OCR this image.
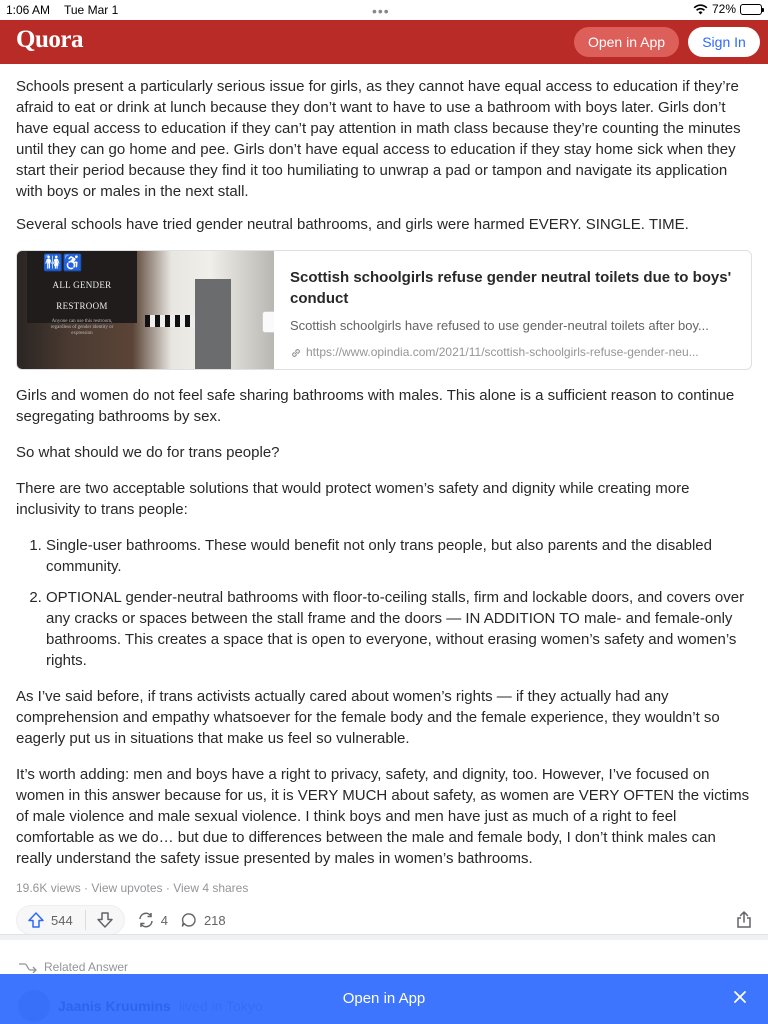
1:06 AM Tue Mar 1	•••	72%
Quora	Open in App	Sign In

Schools present a particularly serious issue for girls, as they cannot have equal access to education if they’re afraid to eat or drink at lunch because they don’t want to have to use a bathroom with boys later. Girls don’t have equal access to education if they can’t pay attention in math class because they’re counting the minutes until they can go home and pee. Girls don’t have equal access to education if they stay home sick when they start their period because they find it too humiliating to unwrap a pad or tampon and navigate its application with boys or males in the next stall.

Several schools have tried gender neutral bathrooms, and girls were harmed EVERY. SINGLE. TIME.

🚻♿
ALL GENDER RESTROOM
Anyone can use this restroom, regardless of gender identity or expression
Scottish schoolgirls refuse gender neutral toilets due to boys' conduct
Scottish schoolgirls have refused to use gender-neutral toilets after boy...
https://www.opindia.com/2021/11/scottish-schoolgirls-refuse-gender-neu...

Girls and women do not feel safe sharing bathrooms with males. This alone is a sufficient reason to continue segregating bathrooms by sex.

So what should we do for trans people?

There are two acceptable solutions that would protect women’s safety and dignity while creating more inclusivity to trans people:

1. Single-user bathrooms. These would benefit not only trans people, but also parents and the disabled community.
2. OPTIONAL gender-neutral bathrooms with floor-to-ceiling stalls, firm and lockable doors, and covers over any cracks or spaces between the stall frame and the doors — IN ADDITION TO male- and female-only bathrooms. This creates a space that is open to everyone, without erasing women’s safety and women’s rights.

As I’ve said before, if trans activists actually cared about women’s rights — if they actually had any comprehension and empathy whatsoever for the female body and the female experience, they wouldn’t so eagerly put us in situations that make us feel so vulnerable.

It’s worth adding: men and boys have a right to privacy, safety, and dignity, too. However, I’ve focused on women in this answer because for us, it is VERY MUCH about safety, as women are VERY OFTEN the victims of male violence and male sexual violence. I think boys and men have just as much of a right to feel comfortable as we do… but due to differences between the male and female body, I don’t think males can really understand the safety issue presented by males in women’s bathrooms.

19.6K views · View upvotes · View 4 shares
544	4	218
Related Answer
Open in App
